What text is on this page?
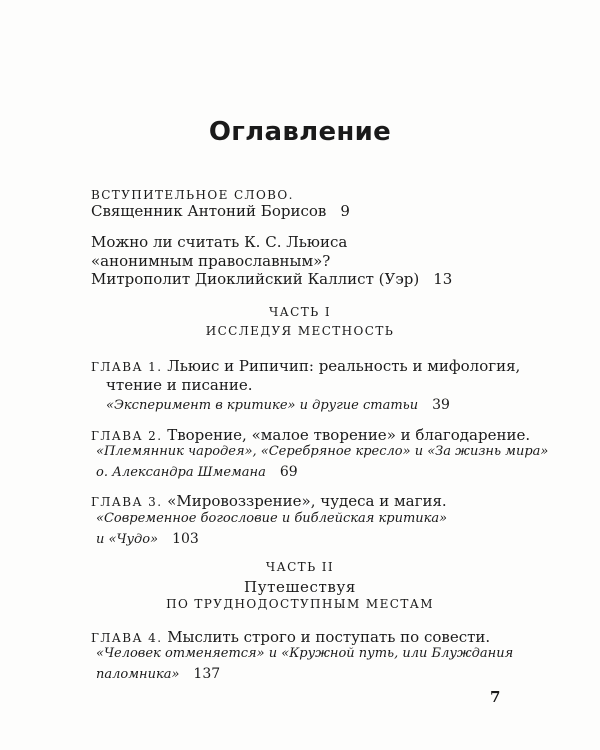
Оглавление
ВСТУПИТЕЛЬНОЕ СЛОВО.
Священник Антоний Борисов 9
Можно ли считать К. С. Льюиса
«анонимным православным»?
Митрополит Диоклийский Каллист (Уэр) 13
ЧАСТЬ I
ИССЛЕДУЯ МЕСТНОСТЬ
ГЛАВА 1. Льюис и Рипичип: реальность и мифология,
чтение и писание.
«Эксперимент в критике» и другие статьи 39
ГЛАВА 2. Творение, «малое творение» и благодарение.
«Племянник чародея», «Серебряное кресло» и «За жизнь мира»
о. Александра Шмемана 69
ГЛАВА 3. «Мировоззрение», чудеса и магия.
«Современное богословие и библейская критика»
и «Чудо» 103
ЧАСТЬ II
Путешествуя
ПО ТРУДНОДОСТУПНЫМ МЕСТАМ
ГЛАВА 4. Мыслить строго и поступать по совести.
«Человек отменяется» и «Кружной путь, или Блуждания
паломника» 137
7
